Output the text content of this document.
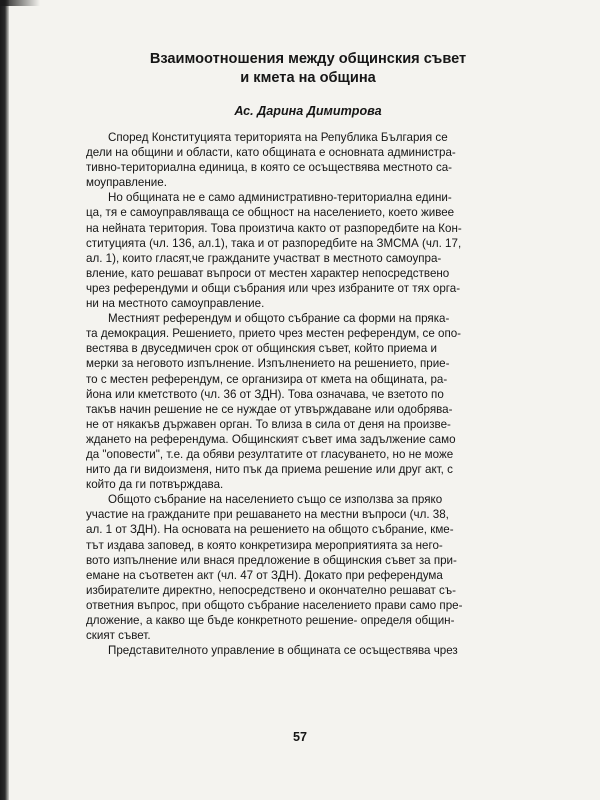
Взаимоотношения между общинския съвет
и кмета на община
Ас. Дарина Димитрова

Според Конституцията територията на Република България се
дели на общини и области, като общината е основната администра-
тивно-териториална единица, в която се осъществява местното са-
моуправление.

Но общината не е само административно-териториална едини-
ца, тя е самоуправляваща се общност на населението, което живее
на нейната територия. Това произтича както от разпоредбите на Кон-
ституцията (чл. 136, ал.1), така и от разпоредбите на ЗМСМА (чл. 17,
ал. 1), които гласят,че гражданите участват в местното самоупра-
вление, като решават въпроси от местен характер непосредствено
чрез референдуми и общи събрания или чрез избраните от тях орга-
ни на местното самоуправление.

Местният референдум и общото събрание са форми на пряка-
та демокрация. Решението, прието чрез местен референдум, се опо-
вестява в двуседмичен срок от общинския съвет, който приема и
мерки за неговото изпълнение. Изпълнението на решението, прие-
то с местен референдум, се организира от кмета на общината, ра-
йона или кметството (чл. 36 от ЗДН). Това означава, че взетото по
такъв начин решение не се нуждае от утвърждаване или одобрява-
не от някакъв държавен орган. То влиза в сила от деня на произве-
ждането на референдума. Общинският съвет има задължение само
да "оповести", т.е. да обяви резултатите от гласуването, но не може
нито да ги видоизменя, нито пък да приема решение или друг акт, с
който да ги потвърждава.

Общото събрание на населението също се използва за пряко
участие на гражданите при решаването на местни въпроси (чл. 38,
ал. 1 от ЗДН). На основата на решението на общото събрание, кме-
тът издава заповед, в която конкретизира мероприятията за него-
вото изпълнение или внася предложение в общинския съвет за при-
емане на съответен акт (чл. 47 от ЗДН). Докато при референдума
избирателите директно, непосредствено и окончателно решават съ-
ответния въпрос, при общото събрание населението прави само пре-
дложение, а какво ще бъде конкретното решение- определя общин-
ският съвет.

Представителното управление в общината се осъществява чрез

57
